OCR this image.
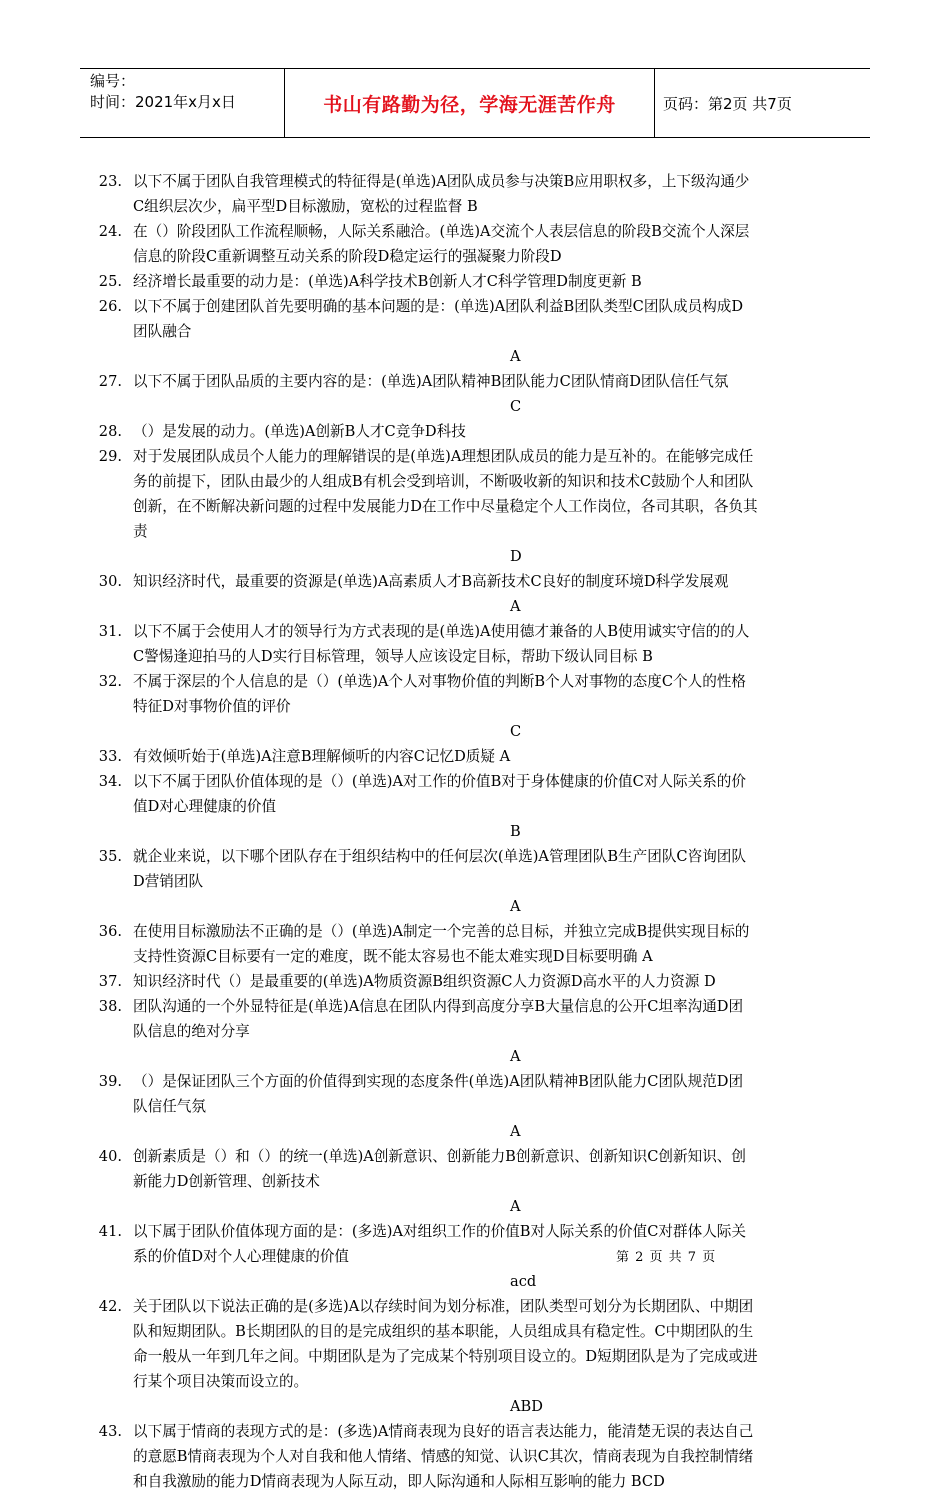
编号：
时间：2021年x月x日	书山有路勤为径，学海无涯苦作舟	页码：第2页 共7页
23. 以下不属于团队自我管理模式的特征得是(单选)A团队成员参与决策B应用职权多，上下级沟通少
C组织层次少，扁平型D目标激励，宽松的过程监督 B
24. 在（）阶段团队工作流程顺畅，人际关系融洽。(单选)A交流个人表层信息的阶段B交流个人深层
信息的阶段C重新调整互动关系的阶段D稳定运行的强凝聚力阶段D
25. 经济增长最重要的动力是：(单选)A科学技术B创新人才C科学管理D制度更新 B
26. 以下不属于创建团队首先要明确的基本问题的是：(单选)A团队利益B团队类型C团队成员构成D
团队融合
A
27. 以下不属于团队品质的主要内容的是：(单选)A团队精神B团队能力C团队情商D团队信任气氛
C
28. （）是发展的动力。(单选)A创新B人才C竞争D科技
29. 对于发展团队成员个人能力的理解错误的是(单选)A理想团队成员的能力是互补的。在能够完成任
务的前提下，团队由最少的人组成B有机会受到培训，不断吸收新的知识和技术C鼓励个人和团队
创新，在不断解决新问题的过程中发展能力D在工作中尽量稳定个人工作岗位，各司其职，各负其
责
D
30. 知识经济时代，最重要的资源是(单选)A高素质人才B高新技术C良好的制度环境D科学发展观
A
31. 以下不属于会使用人才的领导行为方式表现的是(单选)A使用德才兼备的人B使用诚实守信的的人
C警惕逢迎拍马的人D实行目标管理，领导人应该设定目标，帮助下级认同目标 B
32. 不属于深层的个人信息的是（）(单选)A个人对事物价值的判断B个人对事物的态度C个人的性格
特征D对事物价值的评价
C
33. 有效倾听始于(单选)A注意B理解倾听的内容C记忆D质疑 A
34. 以下不属于团队价值体现的是（）(单选)A对工作的价值B对于身体健康的价值C对人际关系的价
值D对心理健康的价值
B
35. 就企业来说，以下哪个团队存在于组织结构中的任何层次(单选)A管理团队B生产团队C咨询团队
D营销团队
A
36. 在使用目标激励法不正确的是（）(单选)A制定一个完善的总目标，并独立完成B提供实现目标的
支持性资源C目标要有一定的难度，既不能太容易也不能太难实现D目标要明确 A
37. 知识经济时代（）是最重要的(单选)A物质资源B组织资源C人力资源D高水平的人力资源 D
38. 团队沟通的一个外显特征是(单选)A信息在团队内得到高度分享B大量信息的公开C坦率沟通D团
队信息的绝对分享
A
39. （）是保证团队三个方面的价值得到实现的态度条件(单选)A团队精神B团队能力C团队规范D团
队信任气氛
A
40. 创新素质是（）和（）的统一(单选)A创新意识、创新能力B创新意识、创新知识C创新知识、创
新能力D创新管理、创新技术
A
41. 以下属于团队价值体现方面的是：(多选)A对组织工作的价值B对人际关系的价值C对群体人际关
系的价值D对个人心理健康的价值
acd
42. 关于团队以下说法正确的是(多选)A以存续时间为划分标准，团队类型可划分为长期团队、中期团
队和短期团队。B长期团队的目的是完成组织的基本职能，人员组成具有稳定性。C中期团队的生
命一般从一年到几年之间。中期团队是为了完成某个特别项目设立的。D短期团队是为了完成或进
行某个项目决策而设立的。
ABD
43. 以下属于情商的表现方式的是：(多选)A情商表现为良好的语言表达能力，能清楚无误的表达自己
的意愿B情商表现为个人对自我和他人情绪、情感的知觉、认识C其次，情商表现为自我控制情绪
和自我激励的能力D情商表现为人际互动，即人际沟通和人际相互影响的能力 BCD
第 2 页 共 7 页
